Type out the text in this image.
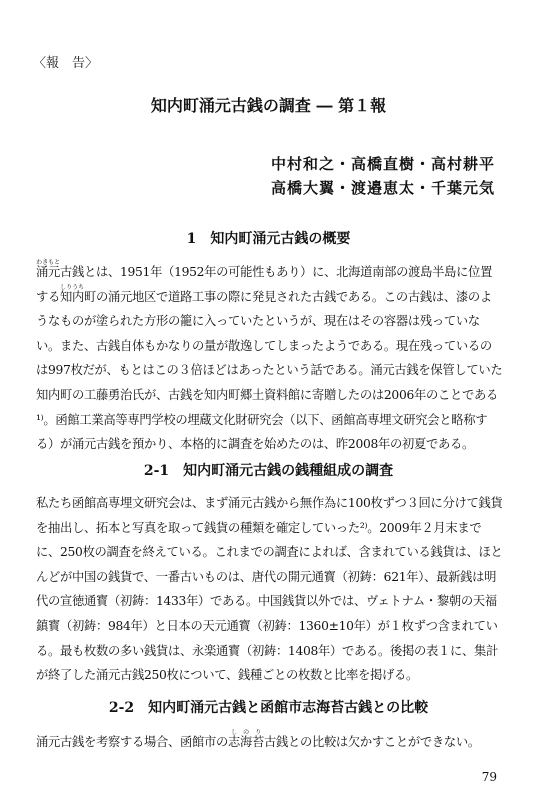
〈報　告〉
知内町涌元古銭の調査 ― 第１報
中村和之・高橋直樹・高村耕平
高橋大翼・渡邉恵太・千葉元気
1　知内町涌元古銭の概要

涌元わきもと古銭とは、1951年（1952年の可能性もあり）に、北海道南部の渡島半島に位置する知内しりうち町の涌元地区で道路工事の際に発見された古銭である。この古銭は、漆のようなものが塗られた方形の籠に入っていたというが、現在はその容器は残っていない。また、古銭自体もかなりの量が散逸してしまったようである。現在残っているのは997枚だが、もとはこの３倍ほどはあったという話である。涌元古銭を保管していた知内町の工藤勇治氏が、古銭を知内町郷土資料館に寄贈したのは2006年のことである¹⁾。函館工業高等専門学校の埋蔵文化財研究会（以下、函館高専埋文研究会と略称する）が涌元古銭を預かり、本格的に調査を始めたのは、昨2008年の初夏である。

2-1　知内町涌元古銭の銭種組成の調査

私たち函館高専埋文研究会は、まず涌元古銭から無作為に100枚ずつ３回に分けて銭貨を抽出し、拓本と写真を取って銭貨の種類を確定していった²⁾。2009年２月末までに、250枚の調査を終えている。これまでの調査によれば、含まれている銭貨は、ほとんどが中国の銭貨で、一番古いものは、唐代の開元通寳（初鋳：621年）、最新銭は明代の宣徳通寳（初鋳：1433年）である。中国銭貨以外では、ヴェトナム・黎朝の天福鎮寳（初鋳：984年）と日本の天元通寳（初鋳：1360±10年）が１枚ずつ含まれている。最も枚数の多い銭貨は、永楽通寳（初鋳：1408年）である。後掲の表１に、集計が終了した涌元古銭250枚について、銭種ごとの枚数と比率を掲げる。

2-2　知内町涌元古銭と函館市志海苔古銭との比較

涌元古銭を考察する場合、函館市の志海苔しのり古銭との比較は欠かすことができない。

79
